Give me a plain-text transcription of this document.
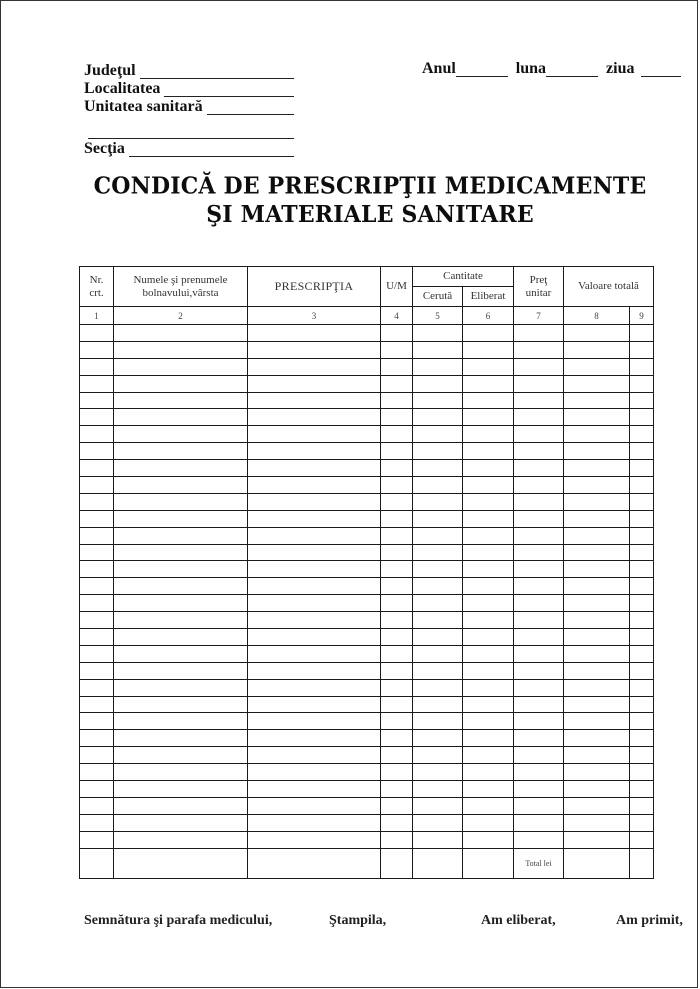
Judeţul
Localitatea
Unitatea sanitară
Secţia
Anul	luna	ziua
CONDICĂ DE PRESCRIPŢII MEDICAMENTE
ŞI MATERIALE SANITARE
Nr. crt.	Numele şi prenumele bolnavului,vârsta	PRESCRIPŢIA	U/M	Cantitate		Preţ unitar	Valoare totală	
				Cerută	Eliberat			
1	2	3	4	5	6	7	8	9

						Total lei		
Semnătura şi parafa medicului,	Ştampila,	Am eliberat,	Am primit,
